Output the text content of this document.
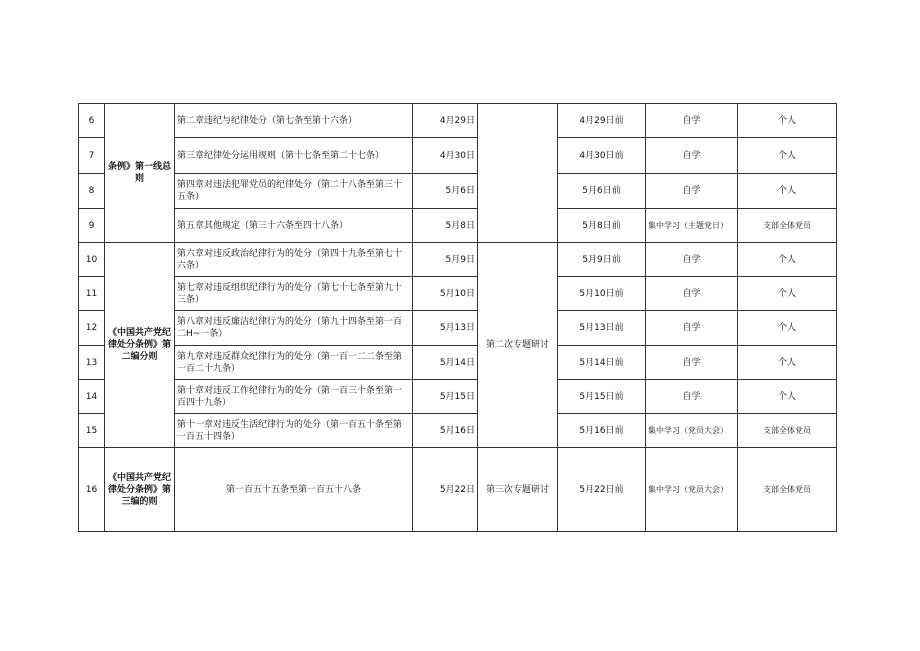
6	条例》第一线总则	第二章违纪与纪律处分（第七条至第十六条）	4月29日		4月29日前	自学	个人
7		第三章纪律处分运用规则（第十七条至第二十七条）	4月30日		4月30日前	自学	个人
8		第四章对违法犯罪党员的纪律处分（第二十八条至第三十五条）	5月6日		5月6日前	自学	个人
9		第五章其他规定（第三十六条至四十八条）	5月8日		5月8日前	集中学习（主题党日）	支部全体党员
10	《中国共产党纪律处分条例》第二编分则	第六章对违反政治纪律行为的处分（第四十九条至第七十六条）	5月9日	第二次专题研讨	5月9日前	自学	个人
11		第七章对违反组织纪律行为的处分（第七十七条至第九十三条）	5月10日		5月10日前	自学	个人
12		第八章对违反廉洁纪律行为的处分（第九十四条至第一百二H~一条）	5月13日		5月13日前	自学	个人
13		第九章对违反群众纪律行为的处分（第一百一二二条至第一百二十九条）	5月14日		5月14日前	自学	个人
14		第十章对违反工作纪律行为的处分（第一百三十条至第一百四十九条）	5月15日		5月15日前	自学	个人
15		第十一章对违反生活纪律行为的处分（第一百五十条至第一百五十四条）	5月16日		5月16日前	集中学习（党员大会）	支部全体党员
16	《中国共产党纪律处分条例》第三编的则	第一百五十五条至第一百五十八条	5月22日	第三次专题研讨	5月22日前	集中学习（党员大会）	支部全体党员
